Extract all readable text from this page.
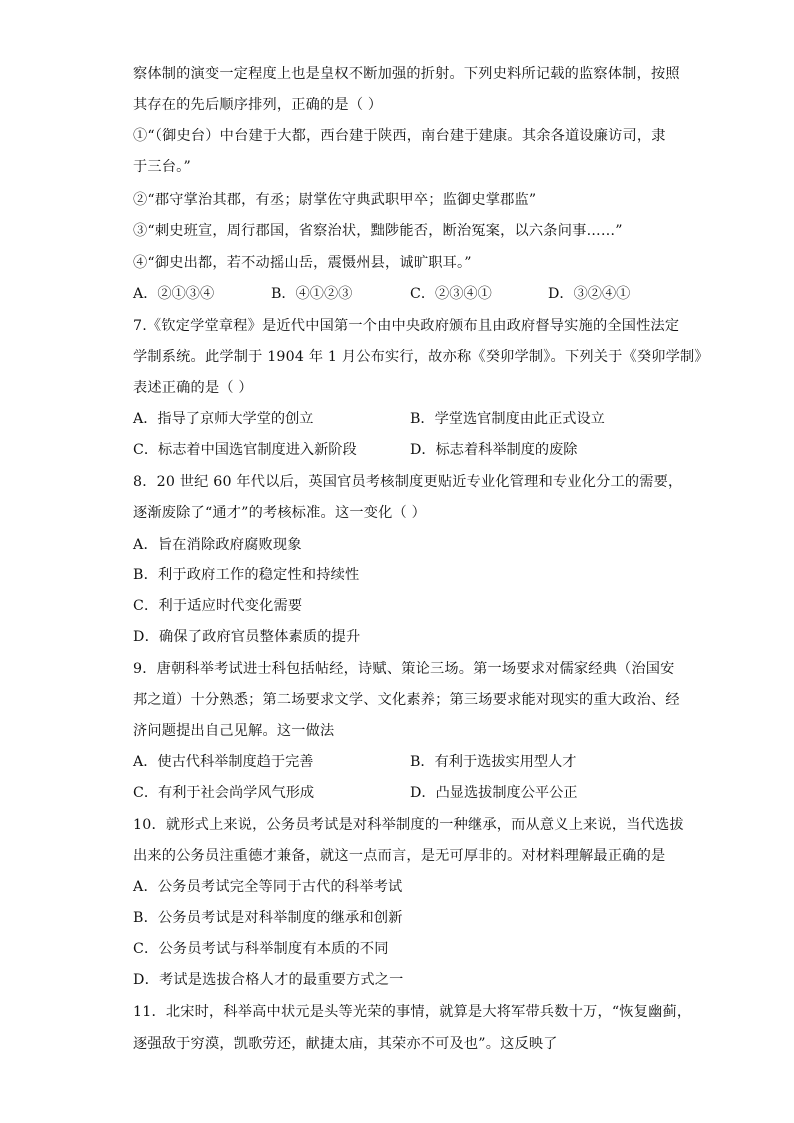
察体制的演变一定程度上也是皇权不断加强的折射。下列史料所记载的监察体制，按照
其存在的先后顺序排列，正确的是（ ）
①“（御史台）中台建于大都，西台建于陕西，南台建于建康。其余各道设廉访司，隶
于三台。”
②“郡守掌治其郡，有丞；尉掌佐守典武职甲卒；监御史掌郡监”
③“刺史班宣，周行郡国，省察治状，黜陟能否，断治冤案，以六条问事……”
④“御史出都，若不动摇山岳，震慑州县，诚旷职耳。”
A．②①③④	B．④①②③	C．②③④①	D．③②④①
7.《钦定学堂章程》是近代中国第一个由中央政府颁布且由政府督导实施的全国性法定
学制系统。此学制于 1904 年 1 月公布实行，故亦称《癸卯学制》。下列关于《癸卯学制》
表述正确的是（ ）
A．指导了京师大学堂的创立	B．学堂选官制度由此正式设立
C．标志着中国选官制度进入新阶段	D．标志着科举制度的废除
8．20 世纪 60 年代以后，英国官员考核制度更贴近专业化管理和专业化分工的需要，
逐渐废除了“通才”的考核标准。这一变化（ ）
A．旨在消除政府腐败现象
B．利于政府工作的稳定性和持续性
C．利于适应时代变化需要
D．确保了政府官员整体素质的提升
9．唐朝科举考试进士科包括帖经，诗赋、策论三场。第一场要求对儒家经典（治国安
邦之道）十分熟悉；第二场要求文学、文化素养；第三场要求能对现实的重大政治、经
济问题提出自己见解。这一做法
A．使古代科举制度趋于完善	B．有利于选拔实用型人才
C．有利于社会尚学风气形成	D．凸显选拔制度公平公正
10．就形式上来说，公务员考试是对科举制度的一种继承，而从意义上来说，当代选拔
出来的公务员注重德才兼备，就这一点而言，是无可厚非的。对材料理解最正确的是
A．公务员考试完全等同于古代的科举考试
B．公务员考试是对科举制度的继承和创新
C．公务员考试与科举制度有本质的不同
D．考试是选拔合格人才的最重要方式之一
11．北宋时，科举高中状元是头等光荣的事情，就算是大将军带兵数十万，“恢复幽蓟，
逐强敌于穷漠，凯歌劳还，献捷太庙，其荣亦不可及也”。这反映了
